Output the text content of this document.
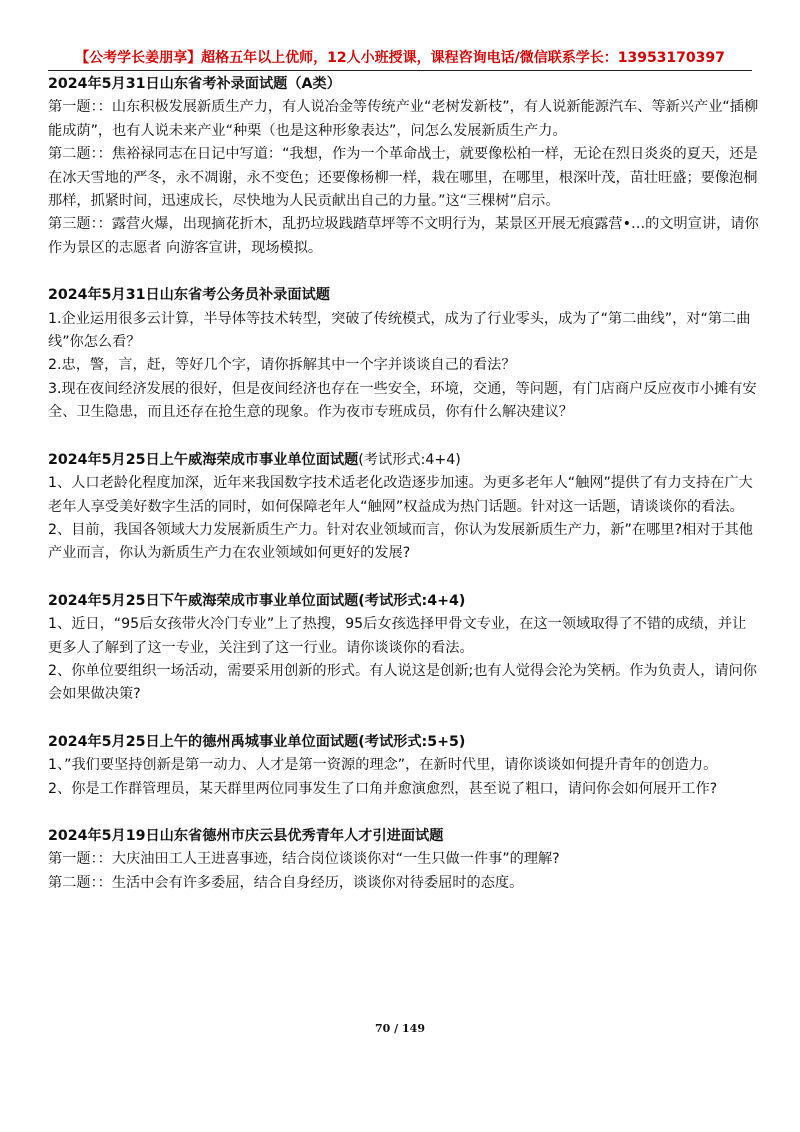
【公考学长姜朋享】超格五年以上优师，12人小班授课，课程咨询电话/微信联系学长：13953170397

2024年5月31日山东省考补录面试题（A类）

第一题：：山东积极发展新质生产力，有人说冶金等传统产业“老树发新枝”，有人说新能源汽车、等新兴产业“插柳能成荫”，也有人说未来产业“种栗（也是这种形象表达”，问怎么发展新质生产力。

第二题：：焦裕禄同志在日记中写道：“我想，作为一个革命战士，就要像松柏一样，无论在烈日炎炎的夏天，还是在冰天雪地的严冬，永不凋谢，永不变色；还要像杨柳一样，栽在哪里，在哪里，根深叶茂，苗壮旺盛；要像泡桐那样，抓紧时间，迅速成长，尽快地为人民贡献出自己的力量。”这“三棵树”启示。

第三题：：露营火爆，出现摘花折木，乱扔垃圾践踏草坪等不文明行为，某景区开展无痕露营•…的文明宣讲，请你作为景区的志愿者 向游客宣讲，现场模拟。

2024年5月31日山东省考公务员补录面试题

1.企业运用很多云计算，半导体等技术转型，突破了传统模式，成为了行业零头，成为了“第二曲线”，对“第二曲线”你怎么看？

2.忠，警，言，赶，等好几个字，请你拆解其中一个字并谈谈自己的看法？

3.现在夜间经济发展的很好，但是夜间经济也存在一些安全，环境，交通，等问题，有门店商户反应夜市小摊有安全、卫生隐患，而且还存在抢生意的现象。作为夜市专班成员，你有什么解决建议？

2024年5月25日上午威海荣成市事业单位面试题(考试形式:4+4)

1、人口老龄化程度加深，近年来我国数字技术适老化改造逐步加速。为更多老年人“触网”提供了有力支持在广大老年人享受美好数字生活的同时，如何保障老年人“触网”权益成为热门话题。针对这一话题，请谈谈你的看法。

2、目前，我国各领域大力发展新质生产力。针对农业领域而言，你认为发展新质生产力，新”在哪里?相对于其他产业而言，你认为新质生产力在农业领域如何更好的发展?

2024年5月25日下午威海荣成市事业单位面试题(考试形式:4+4)

1、近日，“95后女孩带火冷门专业”上了热搜，95后女孩选择甲骨文专业，在这一领域取得了不错的成绩，并让更多人了解到了这一专业，关注到了这一行业。请你谈谈你的看法。

2、你单位要组织一场活动，需要采用创新的形式。有人说这是创新;也有人觉得会沦为笑柄。作为负责人，请问你会如果做决策?

2024年5月25日上午的德州禹城事业单位面试题(考试形式:5+5)

1、”我们要坚持创新是第一动力、人才是第一资源的理念”，在新时代里，请你谈谈如何提升青年的创造力。

2、你是工作群管理员，某天群里两位同事发生了口角并愈演愈烈，甚至说了粗口，请问你会如何展开工作?

2024年5月19日山东省德州市庆云县优秀青年人才引进面试题

第一题：：大庆油田工人王进喜事迹，结合岗位谈谈你对“一生只做一件事”的理解?

第二题：：生活中会有许多委屈，结合自身经历，谈谈你对待委屈时的态度。

70 / 149
